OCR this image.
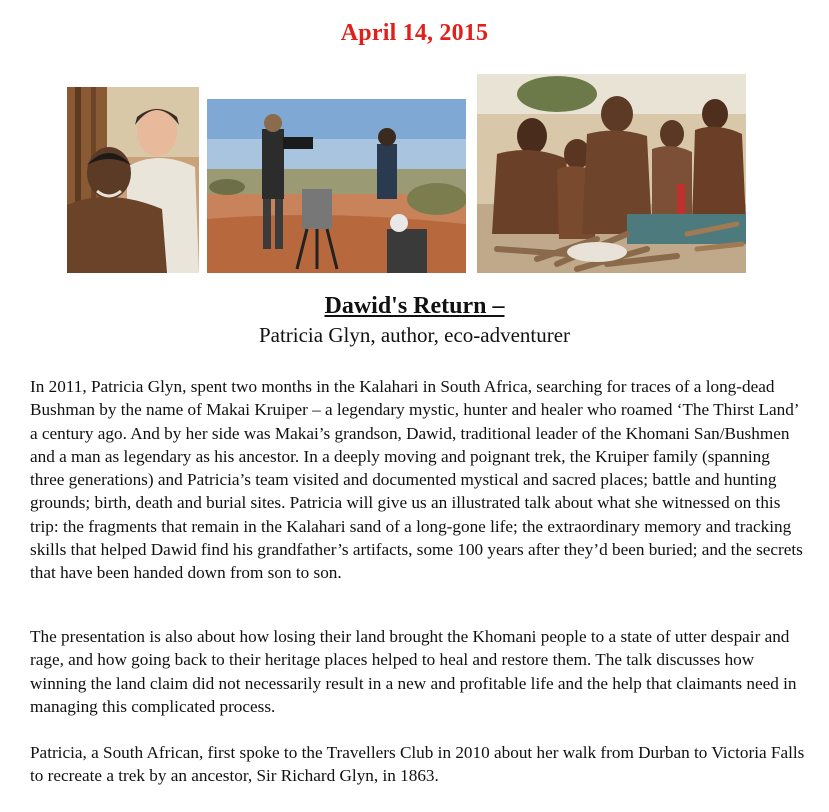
April 14, 2015
Dawid's Return –
Patricia Glyn, author, eco-adventurer

In 2011, Patricia Glyn, spent two months in the Kalahari in South Africa, searching for traces of a long-dead Bushman by the name of Makai Kruiper – a legendary mystic, hunter and healer who roamed ‘The Thirst Land’ a century ago. And by her side was Makai’s grandson, Dawid, traditional leader of the Khomani San/Bushmen and a man as legendary as his ancestor. In a deeply moving and poignant trek, the Kruiper family (spanning three generations) and Patricia’s team visited and documented mystical and sacred places; battle and hunting grounds; birth, death and burial sites. Patricia will give us an illustrated talk about what she witnessed on this trip: the fragments that remain in the Kalahari sand of a long-gone life; the extraordinary memory and tracking skills that helped Dawid find his grandfather’s artifacts, some 100 years after they’d been buried; and the secrets that have been handed down from son to son.

The presentation is also about how losing their land brought the Khomani people to a state of utter despair and rage, and how going back to their heritage places helped to heal and restore them. The talk discusses how winning the land claim did not necessarily result in a new and profitable life and the help that claimants need in managing this complicated process.

Patricia, a South African, first spoke to the Travellers Club in 2010 about her walk from Durban to Victoria Falls to recreate a trek by an ancestor, Sir Richard Glyn, in 1863.
